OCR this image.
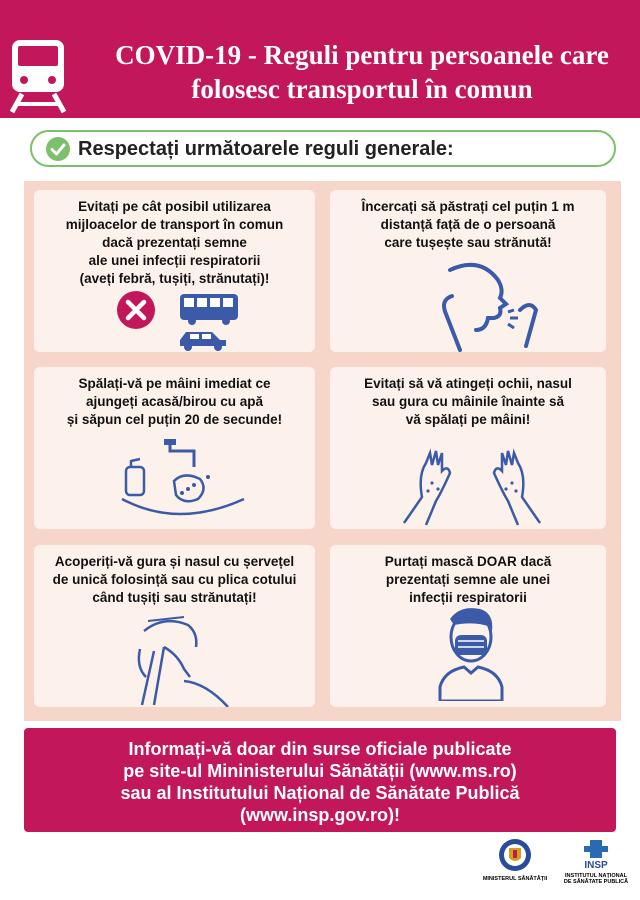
COVID-19 - Reguli pentru persoanele care
folosesc transportul în comun
Respectați următoarele reguli generale:
Evitați pe cât posibil utilizarea
mijloacelor de transport în comun
dacă prezentați semne
ale unei infecții respiratorii
(aveți febră, tușiți, strănutați)!
Încercați să păstrați cel puțin 1 m
distanță față de o persoană
care tușește sau strănută!
Spălați-vă pe mâini imediat ce
ajungeți acasă/birou cu apă
și săpun cel puțin 20 de secunde!
Evitați să vă atingeți ochii, nasul
sau gura cu mâinile înainte să
vă spălați pe mâini!
Acoperiți-vă gura și nasul cu șervețel
de unică folosință sau cu plica cotului
când tușiți sau strănutați!
Purtați mască DOAR dacă
prezentați semne ale unei
infecții respiratorii
Informați-vă doar din surse oficiale publicate
pe site-ul Mininisterului Sănătății (www.ms.ro)
sau al Institutului Național de Sănătate Publică
(www.insp.gov.ro)!
MINISTERUL SĂNĂTĂȚII
INSP
INSTITUTUL NAȚIONAL
DE SĂNĂTATE PUBLICĂ
